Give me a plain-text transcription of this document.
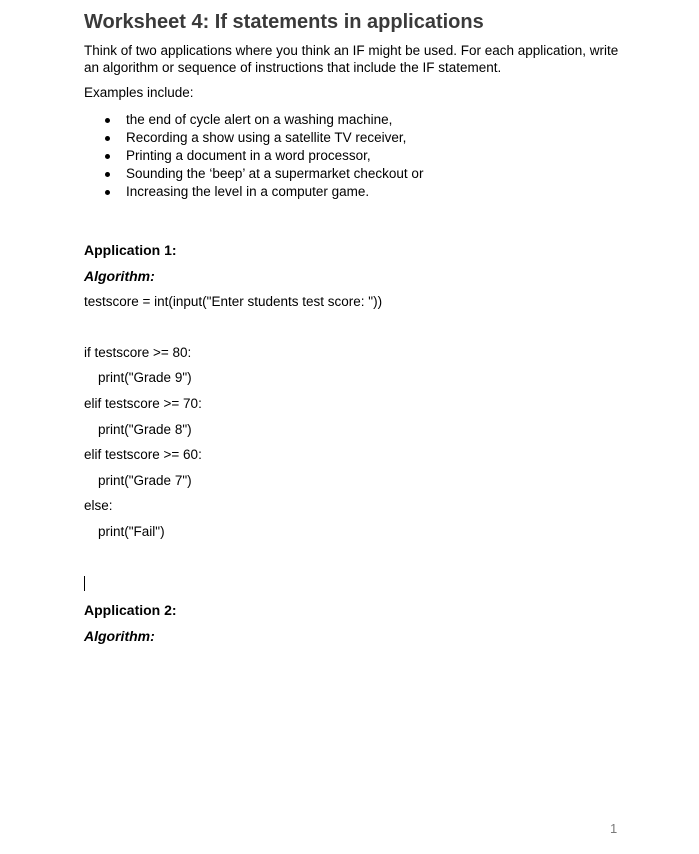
Worksheet 4: If statements in applications

Think of two applications where you think an IF might be used. For each application, write an algorithm or sequence of instructions that include the IF statement.

Examples include:

the end of cycle alert on a washing machine,
Recording a show using a satellite TV receiver,
Printing a document in a word processor,
Sounding the ‘beep’ at a supermarket checkout or
Increasing the level in a computer game.

Application 1:

Algorithm:

testscore = int(input("Enter students test score: "))

if testscore >= 80:

print("Grade 9")

elif testscore >= 70:

print("Grade 8")

elif testscore >= 60:

print("Grade 7")

else:

print("Fail")

Application 2:

Algorithm:

1
